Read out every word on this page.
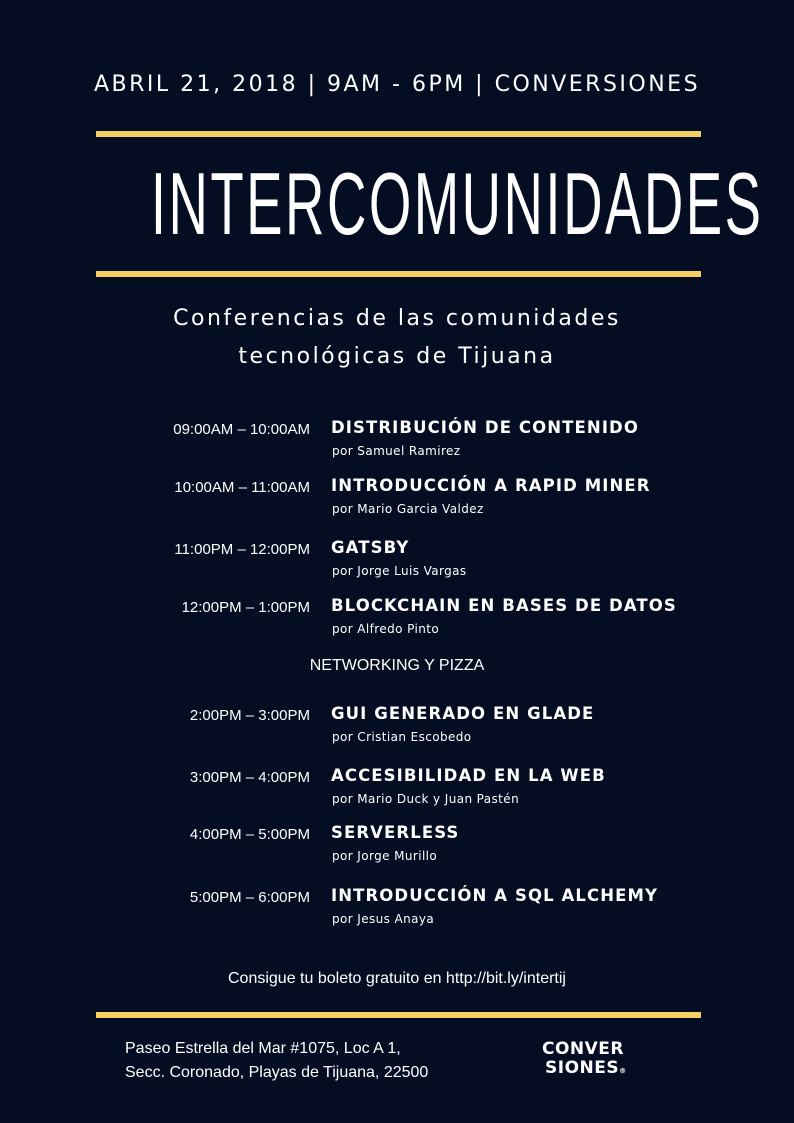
ABRIL 21, 2018 | 9AM - 6PM | CONVERSIONES
INTERCOMUNIDADES
Conferencias de las comunidades
tecnológicas de Tijuana
09:00AM – 10:00AM DISTRIBUCIÓN DE CONTENIDO
por Samuel Ramirez
10:00AM – 11:00AM INTRODUCCIÓN A RAPID MINER
por Mario Garcia Valdez
11:00PM – 12:00PM GATSBY
por Jorge Luis Vargas
12:00PM – 1:00PM BLOCKCHAIN EN BASES DE DATOS
por Alfredo Pinto
NETWORKING Y PIZZA
2:00PM – 3:00PM GUI GENERADO EN GLADE
por Cristian Escobedo
3:00PM – 4:00PM ACCESIBILIDAD EN LA WEB
por Mario Duck y Juan Pastén
4:00PM – 5:00PM SERVERLESS
por Jorge Murillo
5:00PM – 6:00PM INTRODUCCIÓN A SQL ALCHEMY
por Jesus Anaya
Consigue tu boleto gratuito en http://bit.ly/intertij
Paseo Estrella del Mar #1075, Loc A 1,
Secc. Coronado, Playas de Tijuana, 22500
CONVER
SIONES®
